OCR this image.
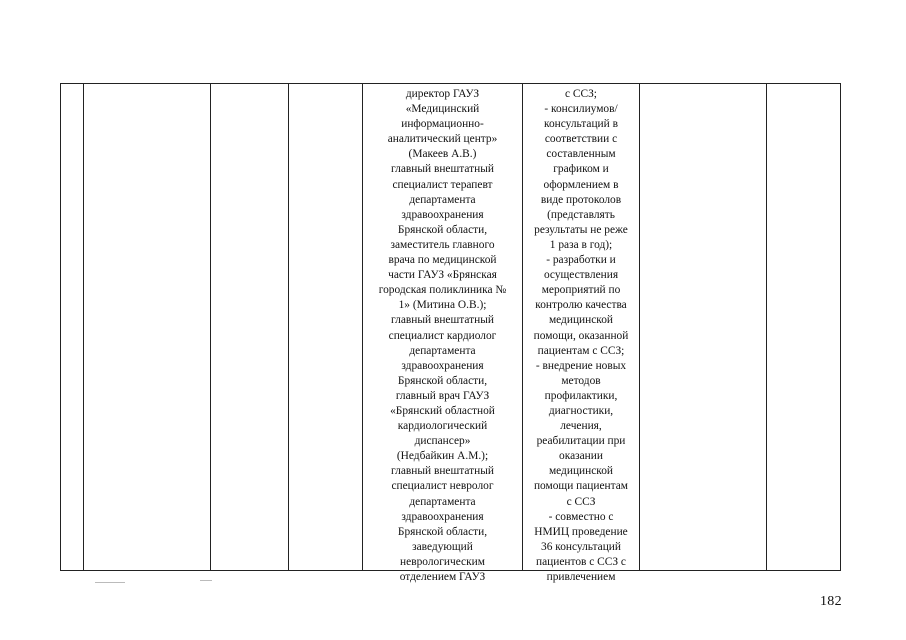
директор ГАУЗ
«Медицинский
информационно-
аналитический центр»
(Макеев А.В.)
главный внештатный
специалист терапевт
департамента
здравоохранения
Брянской области,
заместитель главного
врача по медицинской
части ГАУЗ «Брянская
городская поликлиника №
1» (Митина О.В.);
главный внештатный
специалист кардиолог
департамента
здравоохранения
Брянской области,
главный врач ГАУЗ
«Брянский областной
кардиологический
диспансер»
(Недбайкин А.М.);
главный внештатный
специалист невролог
департамента
здравоохранения
Брянской области,
заведующий
неврологическим
отделением ГАУЗ
с ССЗ;
- консилиумов/
консультаций в
соответствии с
составленным
графиком и
оформлением в
виде протоколов
(представлять
результаты не реже
1 раза в год);
- разработки и
осуществления
мероприятий по
контролю качества
медицинской
помощи, оказанной
пациентам с ССЗ;
- внедрение новых
методов
профилактики,
диагностики,
лечения,
реабилитации при
оказании
медицинской
помощи пациентам
с ССЗ
- совместно с
НМИЦ проведение
36 консультаций
пациентов с ССЗ с
привлечением
182
